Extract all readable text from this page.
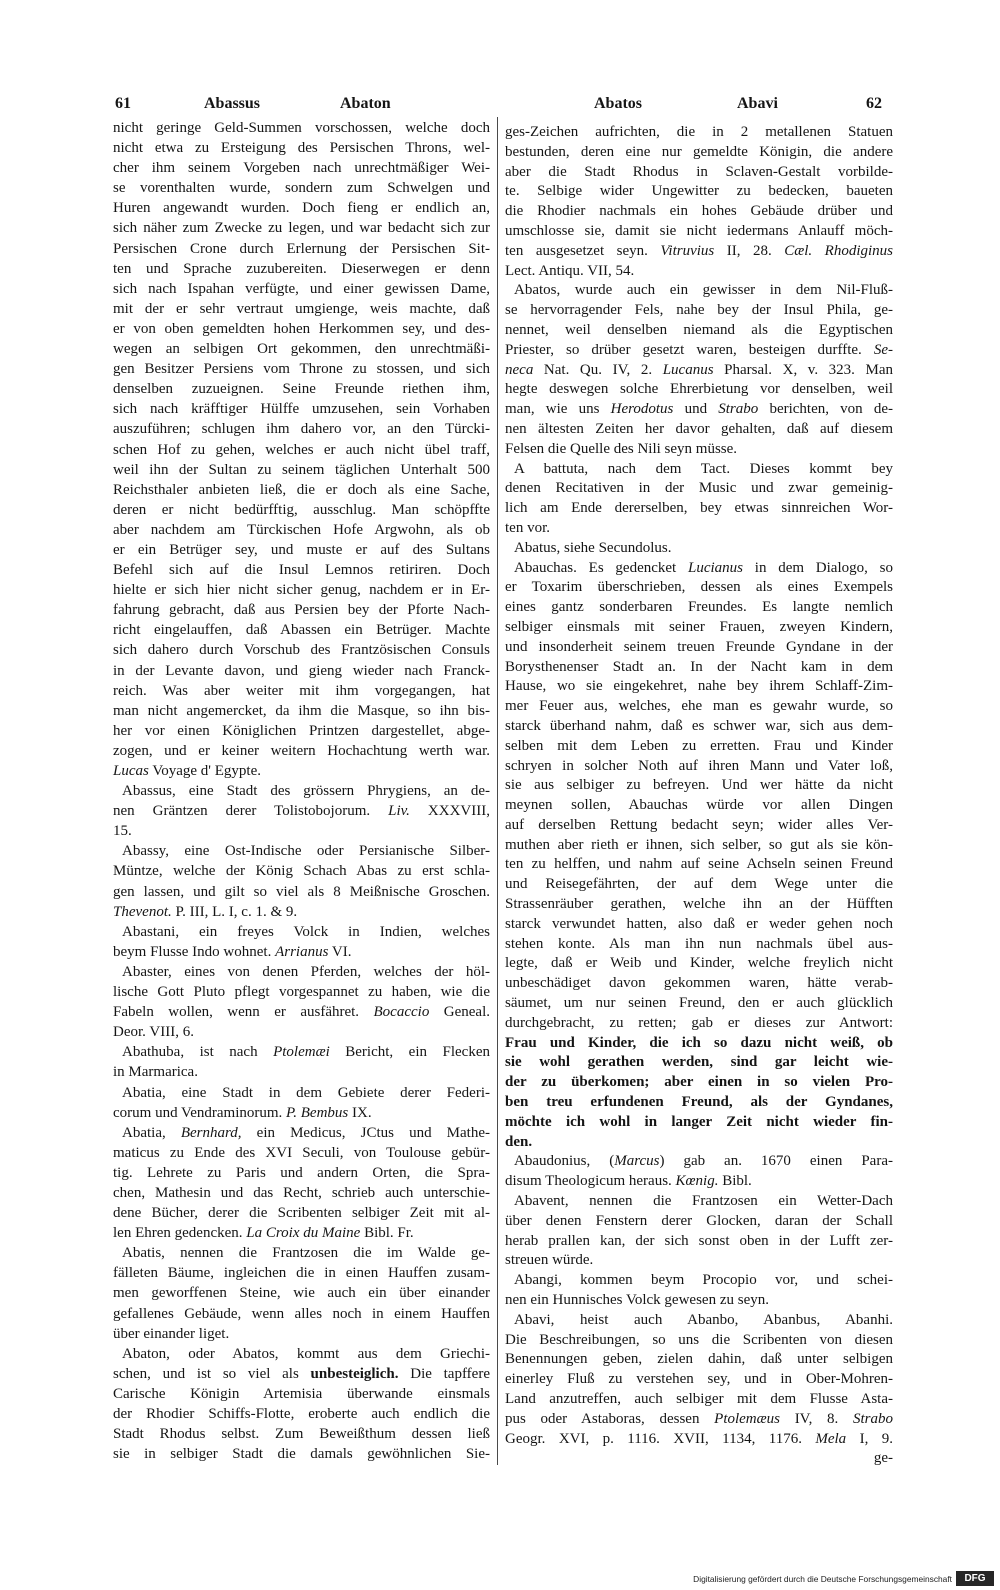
61	Abassus	Abaton	Abatos	Abavi	62
nicht geringe Geld-Summen vorschossen, welche doch
nicht etwa zu Ersteigung des Persischen Throns, wel-
cher ihm seinem Vorgeben nach unrechtmäßiger Wei-
se vorenthalten wurde, sondern zum Schwelgen und
Huren angewandt wurden. Doch fieng er endlich an,
sich näher zum Zwecke zu legen, und war bedacht sich zur
Persischen Crone durch Erlernung der Persischen Sit-
ten und Sprache zuzubereiten. Dieserwegen er denn
sich nach Ispahan verfügte, und einer gewissen Dame,
mit der er sehr vertraut umgienge, weis machte, daß
er von oben gemeldten hohen Herkommen sey, und des-
wegen an selbigen Ort gekommen, den unrechtmäßi-
gen Besitzer Persiens vom Throne zu stossen, und sich
denselben zuzueignen. Seine Freunde riethen ihm,
sich nach kräfftiger Hülffe umzusehen, sein Vorhaben
auszuführen; schlugen ihm dahero vor, an den Türcki-
schen Hof zu gehen, welches er auch nicht übel traff,
weil ihn der Sultan zu seinem täglichen Unterhalt 500
Reichsthaler anbieten ließ, die er doch als eine Sache,
deren er nicht bedürfftig, ausschlug. Man schöpffte
aber nachdem am Türckischen Hofe Argwohn, als ob
er ein Betrüger sey, und muste er auf des Sultans
Befehl sich auf die Insul Lemnos retiriren. Doch
hielte er sich hier nicht sicher genug, nachdem er in Er-
fahrung gebracht, daß aus Persien bey der Pforte Nach-
richt eingelauffen, daß Abassen ein Betrüger. Machte
sich dahero durch Vorschub des Frantzösischen Consuls
in der Levante davon, und gieng wieder nach Franck-
reich. Was aber weiter mit ihm vorgegangen, hat
man nicht angemercket, da ihm die Masque, so ihn bis-
her vor einen Königlichen Printzen dargestellet, abge-
zogen, und er keiner weitern Hochachtung werth war.
Lucas Voyage d' Egypte.
Abassus, eine Stadt des grössern Phrygiens, an de-
nen Gräntzen derer Tolistobojorum. Liv. XXXVIII,
15.
Abassy, eine Ost-Indische oder Persianische Silber-
Müntze, welche der König Schach Abas zu erst schla-
gen lassen, und gilt so viel als 8 Meißnische Groschen.
Thevenot. P. III, L. I, c. 1. & 9.
Abastani, ein freyes Volck in Indien, welches
beym Flusse Indo wohnet. Arrianus VI.
Abaster, eines von denen Pferden, welches der höl-
lische Gott Pluto pflegt vorgespannet zu haben, wie die
Fabeln wollen, wenn er ausfähret. Bocaccio Geneal.
Deor. VIII, 6.
Abathuba, ist nach Ptolemæi Bericht, ein Flecken
in Marmarica.
Abatia, eine Stadt in dem Gebiete derer Federi-
corum und Vendraminorum. P. Bembus IX.
Abatia, Bernhard, ein Medicus, JCtus und Mathe-
maticus zu Ende des XVI Seculi, von Toulouse gebür-
tig. Lehrete zu Paris und andern Orten, die Spra-
chen, Mathesin und das Recht, schrieb auch unterschie-
dene Bücher, derer die Scribenten selbiger Zeit mit al-
len Ehren gedencken. La Croix du Maine Bibl. Fr.
Abatis, nennen die Frantzosen die im Walde ge-
fälleten Bäume, ingleichen die in einen Hauffen zusam-
men geworffenen Steine, wie auch ein über einander
gefallenes Gebäude, wenn alles noch in einem Hauffen
über einander liget.
Abaton, oder Abatos, kommt aus dem Griechi-
schen, und ist so viel als unbesteiglich. Die tapffere
Carische Königin Artemisia überwande einsmals
der Rhodier Schiffs-Flotte, eroberte auch endlich die
Stadt Rhodus selbst. Zum Beweißthum dessen ließ
sie in selbiger Stadt die damals gewöhnlichen Sie-
ges-Zeichen aufrichten, die in 2 metallenen Statuen
bestunden, deren eine nur gemeldte Königin, die andere
aber die Stadt Rhodus in Sclaven-Gestalt vorbilde-
te. Selbige wider Ungewitter zu bedecken, baueten
die Rhodier nachmals ein hohes Gebäude drüber und
umschlosse sie, damit sie nicht iedermans Anlauff möch-
ten ausgesetzet seyn. Vitruvius II, 28. Cæl. Rhodiginus
Lect. Antiqu. VII, 54.
Abatos, wurde auch ein gewisser in dem Nil-Fluß-
se hervorragender Fels, nahe bey der Insul Phila, ge-
nennet, weil denselben niemand als die Egyptischen
Priester, so drüber gesetzt waren, besteigen durffte. Se-
neca Nat. Qu. IV, 2. Lucanus Pharsal. X, v. 323. Man
hegte deswegen solche Ehrerbietung vor denselben, weil
man, wie uns Herodotus und Strabo berichten, von de-
nen ältesten Zeiten her davor gehalten, daß auf diesem
Felsen die Quelle des Nili seyn müsse.
A battuta, nach dem Tact. Dieses kommt bey
denen Recitativen in der Music und zwar gemeinig-
lich am Ende dererselben, bey etwas sinnreichen Wor-
ten vor.
Abatus, siehe Secundolus.
Abauchas. Es gedencket Lucianus in dem Dialogo, so
er Toxarim überschrieben, dessen als eines Exempels
eines gantz sonderbaren Freundes. Es langte nemlich
selbiger einsmals mit seiner Frauen, zweyen Kindern,
und insonderheit seinem treuen Freunde Gyndane in der
Borysthenenser Stadt an. In der Nacht kam in dem
Hause, wo sie eingekehret, nahe bey ihrem Schlaff-Zim-
mer Feuer aus, welches, ehe man es gewahr wurde, so
starck überhand nahm, daß es schwer war, sich aus dem-
selben mit dem Leben zu erretten. Frau und Kinder
schryen in solcher Noth auf ihren Mann und Vater loß,
sie aus selbiger zu befreyen. Und wer hätte da nicht
meynen sollen, Abauchas würde vor allen Dingen
auf derselben Rettung bedacht seyn; wider alles Ver-
muthen aber rieth er ihnen, sich selber, so gut als sie kön-
ten zu helffen, und nahm auf seine Achseln seinen Freund
und Reisegefährten, der auf dem Wege unter die
Strassenräuber gerathen, welche ihn an der Hüfften
starck verwundet hatten, also daß er weder gehen noch
stehen konte. Als man ihn nun nachmals übel aus-
legte, daß er Weib und Kinder, welche freylich nicht
unbeschädiget davon gekommen waren, hätte verab-
säumet, um nur seinen Freund, den er auch glücklich
durchgebracht, zu retten; gab er dieses zur Antwort:
Frau und Kinder, die ich so dazu nicht weiß, ob
sie wohl gerathen werden, sind gar leicht wie-
der zu überkomen; aber einen in so vielen Pro-
ben treu erfundenen Freund, als der Gyndanes,
möchte ich wohl in langer Zeit nicht wieder fin-
den.
Abaudonius, (Marcus) gab an. 1670 einen Para-
disum Theologicum heraus. Kœnig. Bibl.
Abavent, nennen die Frantzosen ein Wetter-Dach
über denen Fenstern derer Glocken, daran der Schall
herab prallen kan, der sich sonst oben in der Lufft zer-
streuen würde.
Abangi, kommen beym Procopio vor, und schei-
nen ein Hunnisches Volck gewesen zu seyn.
Abavi, heist auch Abanbo, Abanbus, Abanhi.
Die Beschreibungen, so uns die Scribenten von diesen
Benennungen geben, zielen dahin, daß unter selbigen
einerley Fluß zu verstehen sey, und in Ober-Mohren-
Land anzutreffen, auch selbiger mit dem Flusse Asta-
pus oder Astaboras, dessen Ptolemæus IV, 8. Strabo
Geogr. XVI, p. 1116. XVII, 1134, 1176. Mela I, 9.
ge-
Digitalisierung gefördert durch die Deutsche Forschungsgemeinschaft	DFG
